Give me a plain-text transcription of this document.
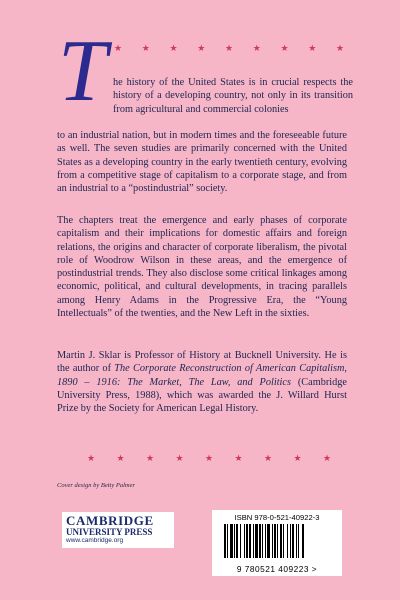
★ ★ ★ ★ ★ ★ ★ ★ ★
T he history of the United States is in crucial respects the history of a developing country, not only in its transition from agricultural and commercial colonies
to an industrial nation, but in modern times and the foreseeable future as well. The seven studies are primarily concerned with the United States as a developing country in the early twentieth century, evolving from a competitive stage of capitalism to a corporate stage, and from an industrial to a “postindustrial” society.
The chapters treat the emergence and early phases of corporate capitalism and their implications for domestic affairs and foreign relations, the origins and character of corporate liberalism, the pivotal role of Woodrow Wilson in these areas, and the emergence of postindustrial trends. They also disclose some critical linkages among economic, political, and cultural developments, in tracing parallels among Henry Adams in the Progressive Era, the “Young Intellectuals” of the twenties, and the New Left in the sixties.
Martin J. Sklar is Professor of History at Bucknell University. He is the author of The Corporate Reconstruction of American Capitalism, 1890 – 1916: The Market, The Law, and Politics (Cambridge University Press, 1988), which was awarded the J. Willard Hurst Prize by the Society for American Legal History.
★ ★ ★ ★ ★ ★ ★ ★ ★
Cover design by Betty Palmer
CAMBRIDGE
UNIVERSITY PRESS
www.cambridge.org
ISBN 978-0-521-40922-3
9 780521 409223 >
